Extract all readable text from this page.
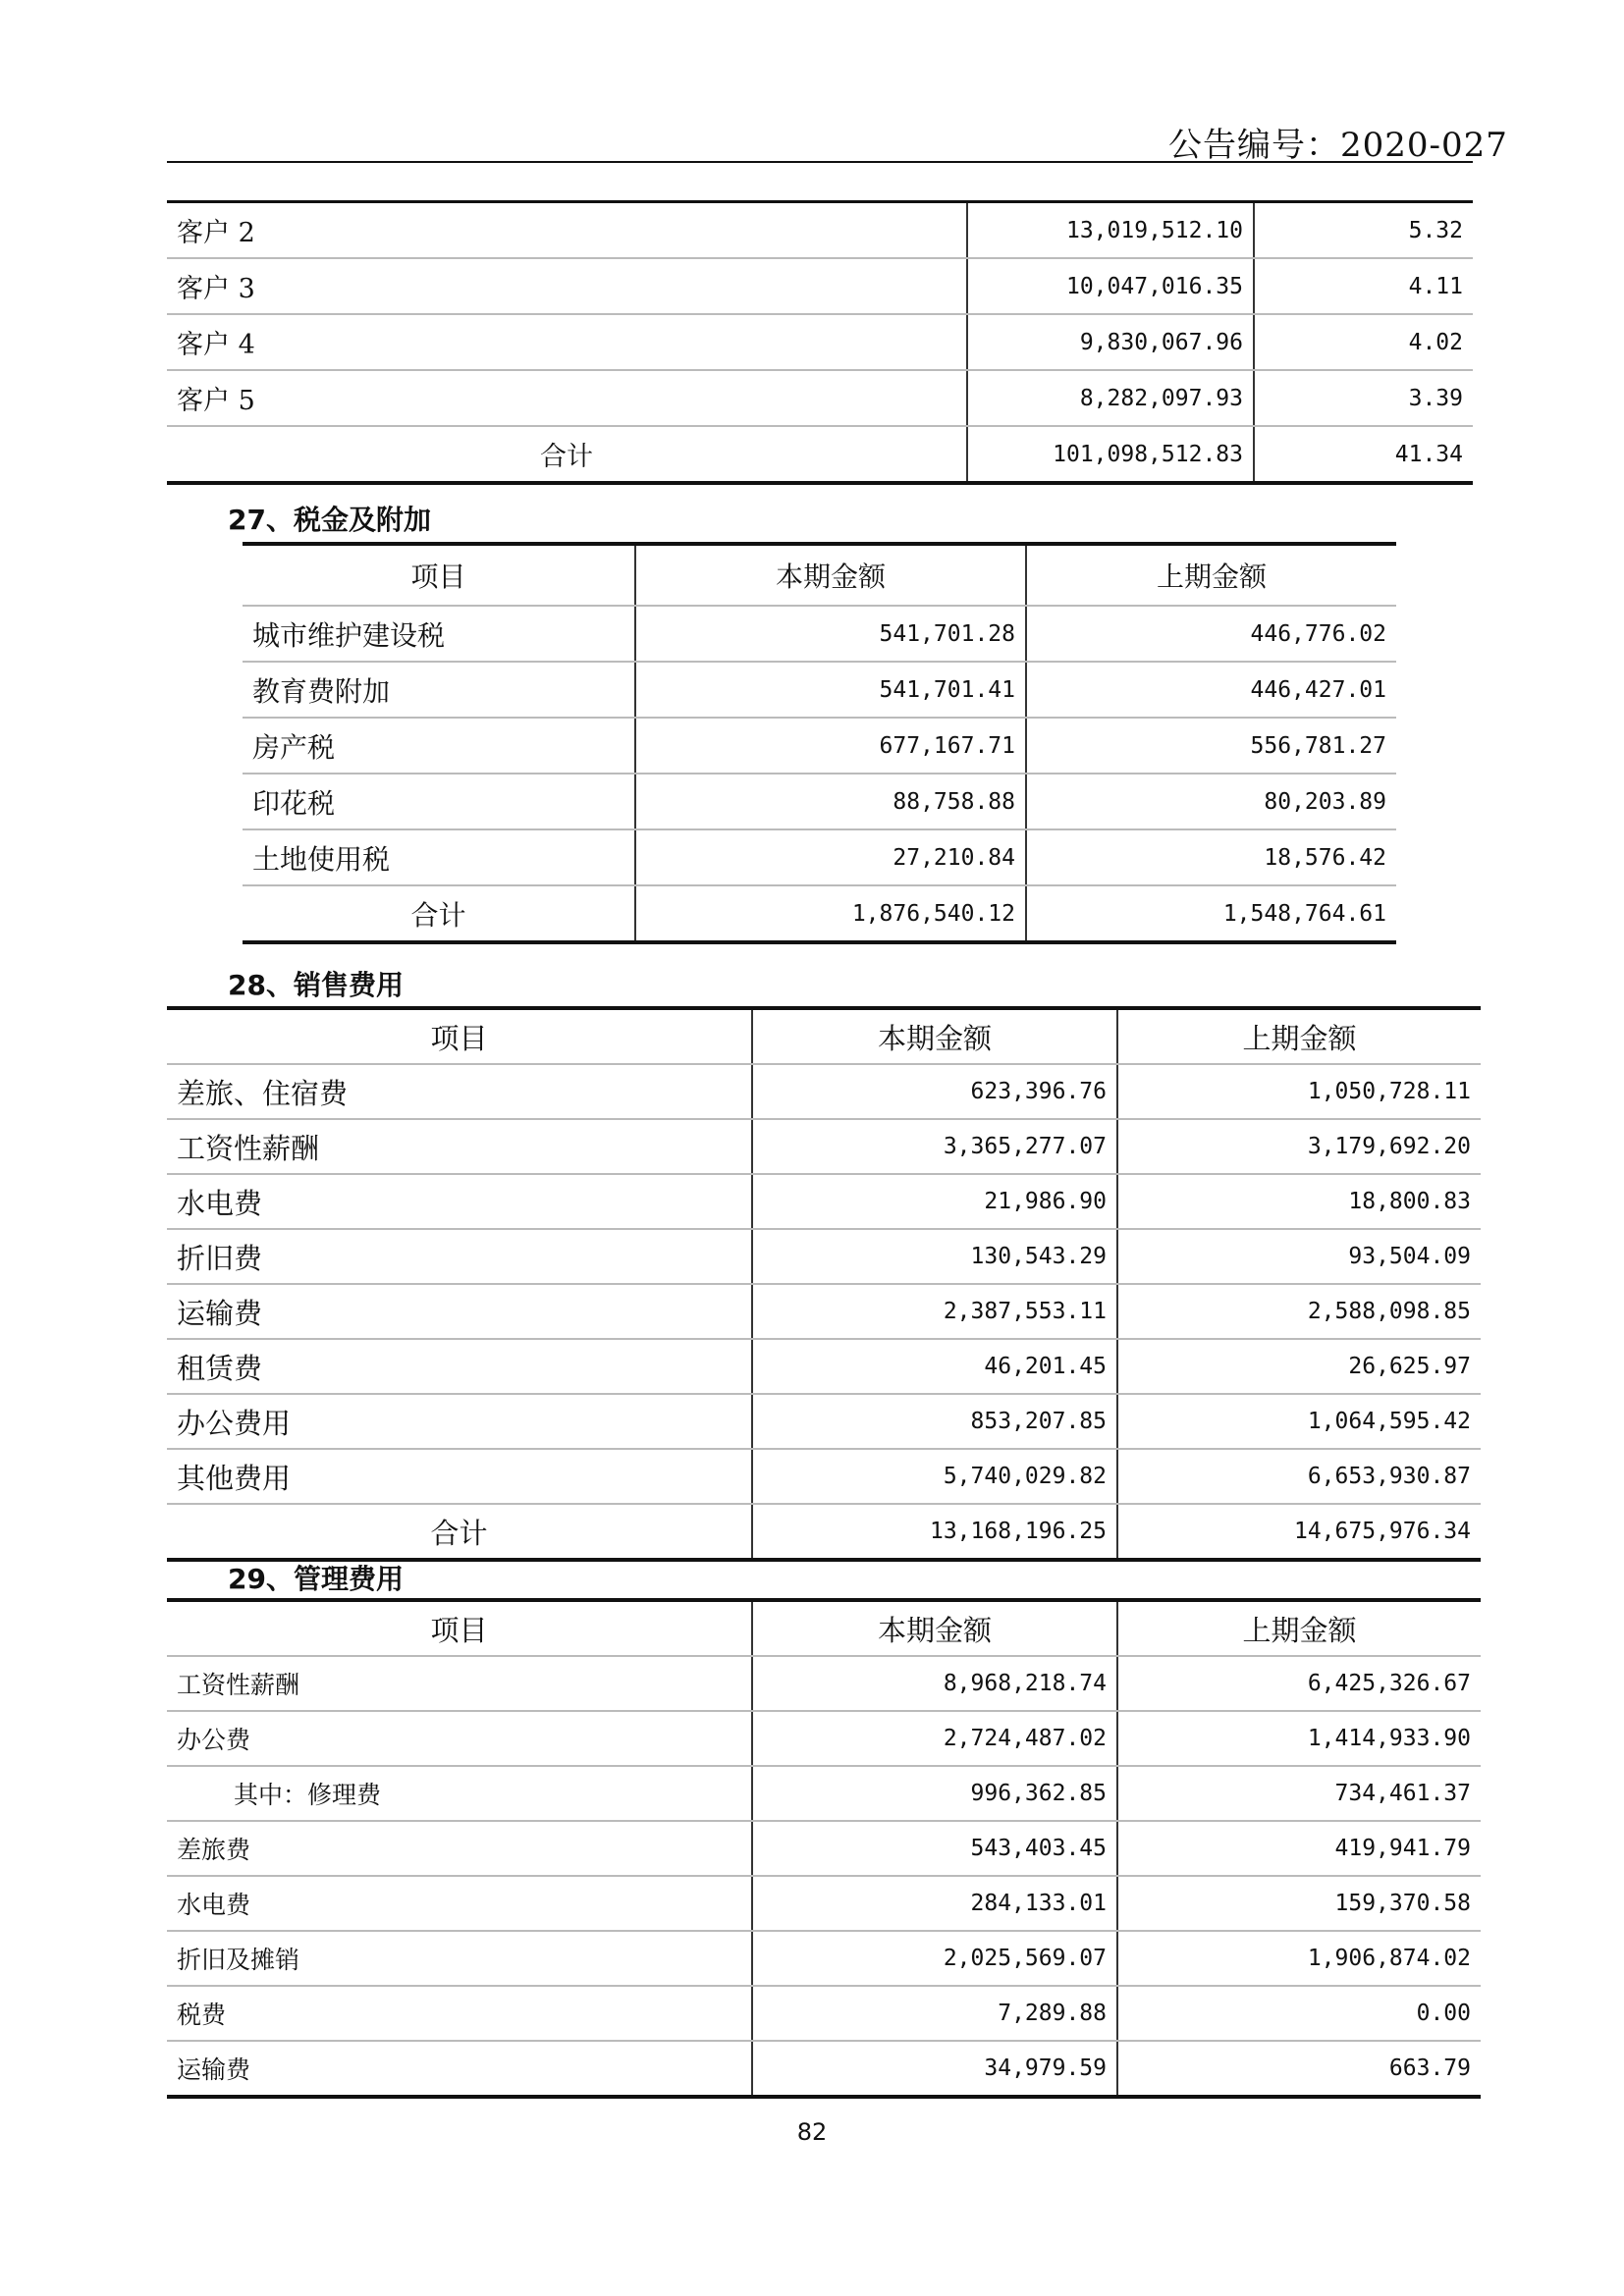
公告编号：2020-027
客户 2	13,019,512.10	5.32
客户 3	10,047,016.35	4.11
客户 4	9,830,067.96	4.02
客户 5	8,282,097.93	3.39
合计	101,098,512.83	41.34
27、税金及附加
项目	本期金额	上期金额
城市维护建设税	541,701.28	446,776.02
教育费附加	541,701.41	446,427.01
房产税	677,167.71	556,781.27
印花税	88,758.88	80,203.89
土地使用税	27,210.84	18,576.42
合计	1,876,540.12	1,548,764.61
28、销售费用
项目	本期金额	上期金额
差旅、住宿费	623,396.76	1,050,728.11
工资性薪酬	3,365,277.07	3,179,692.20
水电费	21,986.90	18,800.83
折旧费	130,543.29	93,504.09
运输费	2,387,553.11	2,588,098.85
租赁费	46,201.45	26,625.97
办公费用	853,207.85	1,064,595.42
其他费用	5,740,029.82	6,653,930.87
合计	13,168,196.25	14,675,976.34
29、管理费用
项目	本期金额	上期金额
工资性薪酬	8,968,218.74	6,425,326.67
办公费	2,724,487.02	1,414,933.90
其中：修理费	996,362.85	734,461.37
差旅费	543,403.45	419,941.79
水电费	284,133.01	159,370.58
折旧及摊销	2,025,569.07	1,906,874.02
税费	7,289.88	0.00
运输费	34,979.59	663.79
82
